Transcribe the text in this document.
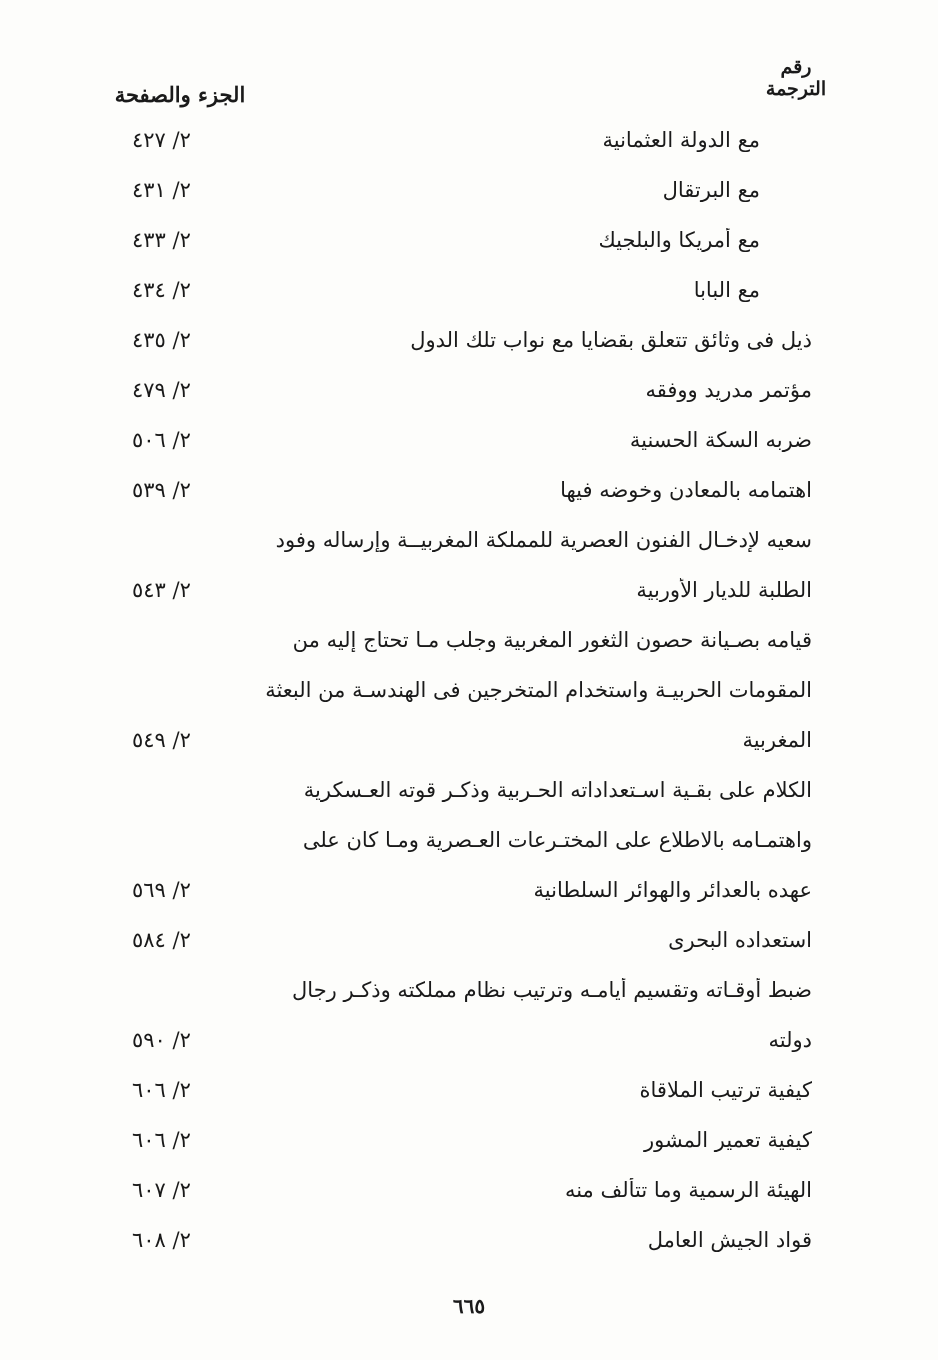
رقم
الترجمة
الجزء والصفحة
مع الدولة العثمانية
٢/ ٤٢٧
مع البرتقال
٢/ ٤٣١
مع أمريكا والبلجيك
٢/ ٤٣٣
مع البابا
٢/ ٤٣٤
ذيل فى وثائق تتعلق بقضايا مع نواب تلك الدول
٢/ ٤٣٥
مؤتمر مدريد ووفقه
٢/ ٤٧٩
ضربه السكة الحسنية
٢/ ٥٠٦
اهتمامه بالمعادن وخوضه فيها
٢/ ٥٣٩
سعيه لإدخـال الفنون العصرية للمملكة المغربيــة وإرساله وفود
الطلبة للديار الأوربية
٢/ ٥٤٣
قيامه بصـيانة حصون الثغور المغربية وجلب مـا تحتاج إليه من
المقومات الحربيـة واستخدام المتخرجين فى الهندسـة من البعثة
المغربية
٢/ ٥٤٩
الكلام على بقـية اسـتعداداته الحـربية وذكـر قوته العـسكرية
واهتمـامه بالاطلاع على المختـرعات العـصرية ومـا كان على
عهده بالعدائر والهوائر السلطانية
٢/ ٥٦٩
استعداده البحرى
٢/ ٥٨٤
ضبط أوقـاته وتقسيم أيامـه وترتيب نظام مملكته وذكـر رجال
دولته
٢/ ٥٩٠
كيفية ترتيب الملاقاة
٢/ ٦٠٦
كيفية تعمير المشور
٢/ ٦٠٦
الهيئة الرسمية وما تتألف منه
٢/ ٦٠٧
قواد الجيش العامل
٢/ ٦٠٨
٦٦٥
